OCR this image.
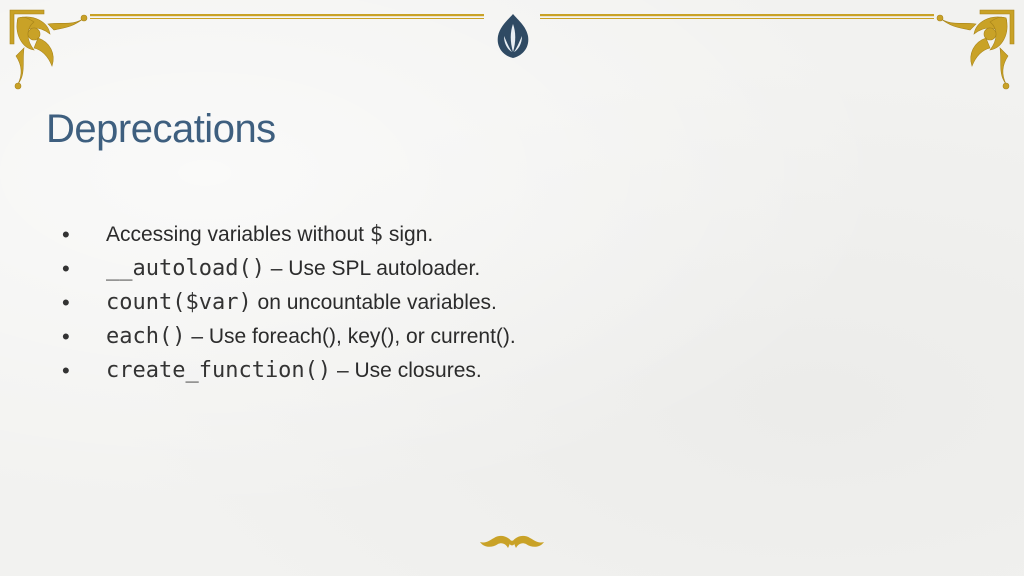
Deprecations
•	Accessing variables without $ sign.
•	__autoload() – Use SPL autoloader.
•	count($var) on uncountable variables.
•	each() – Use foreach(), key(), or current().
•	create_function() – Use closures.
